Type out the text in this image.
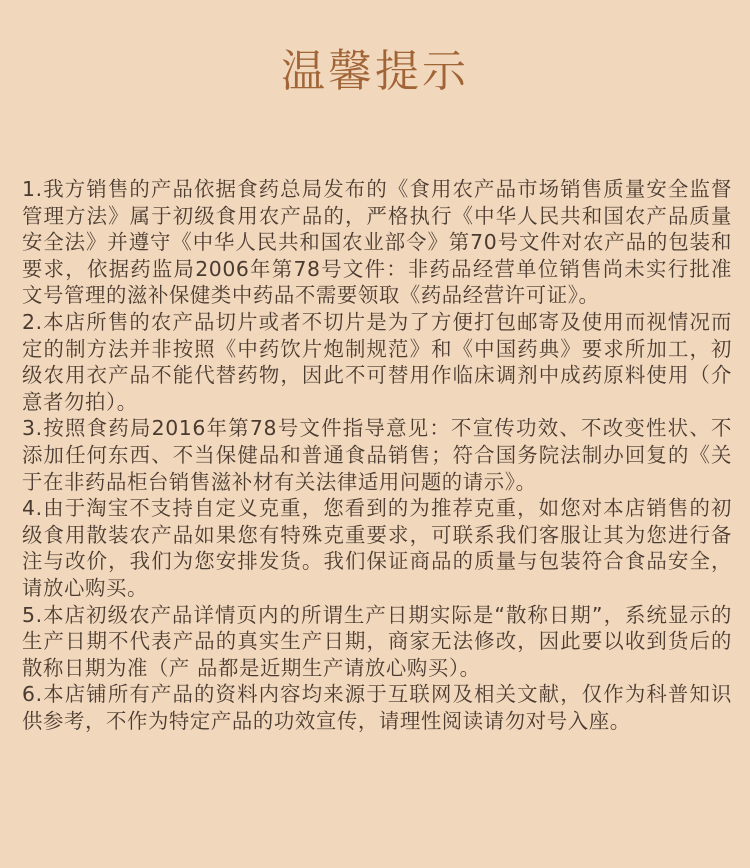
温馨提示

1.我方销售的产品依据食药总局发布的《食用农产品市场销售质量安全监督管理方法》属于初级食用农产品的，严格执行《中华人民共和国农产品质量安全法》并遵守《中华人民共和国农业部令》第70号文件对农产品的包装和要求，依据药监局2006年第78号文件：非药品经营单位销售尚未实行批准文号管理的滋补保健类中药品不需要领取《药品经营许可证》。

2.本店所售的农产品切片或者不切片是为了方便打包邮寄及使用而视情况而定的制方法并非按照《中药饮片炮制规范》和《中国药典》要求所加工，初级农用衣产品不能代替药物，因此不可替用作临床调剂中成药原料使用（介意者勿拍）。

3.按照食药局2016年第78号文件指导意见：不宣传功效、不改变性状、不添加任何东西、不当保健品和普通食品销售；符合国务院法制办回复的《关于在非药品柜台销售滋补材有关法律适用问题的请示》。

4.由于淘宝不支持自定义克重，您看到的为推荐克重，如您对本店销售的初级食用散装农产品如果您有特殊克重要求，可联系我们客服让其为您进行备注与改价，我们为您安排发货。我们保证商品的质量与包装符合食品安全，请放心购买。

5.本店初级农产品详情页内的所谓生产日期实际是“散称日期”，系统显示的生产日期不代表产品的真实生产日期，商家无法修改，因此要以收到货后的散称日期为准（产 品都是近期生产请放心购买）。

6.本店铺所有产品的资料内容均来源于互联网及相关文献，仅作为科普知识供参考，不作为特定产品的功效宣传，请理性阅读请勿对号入座。
